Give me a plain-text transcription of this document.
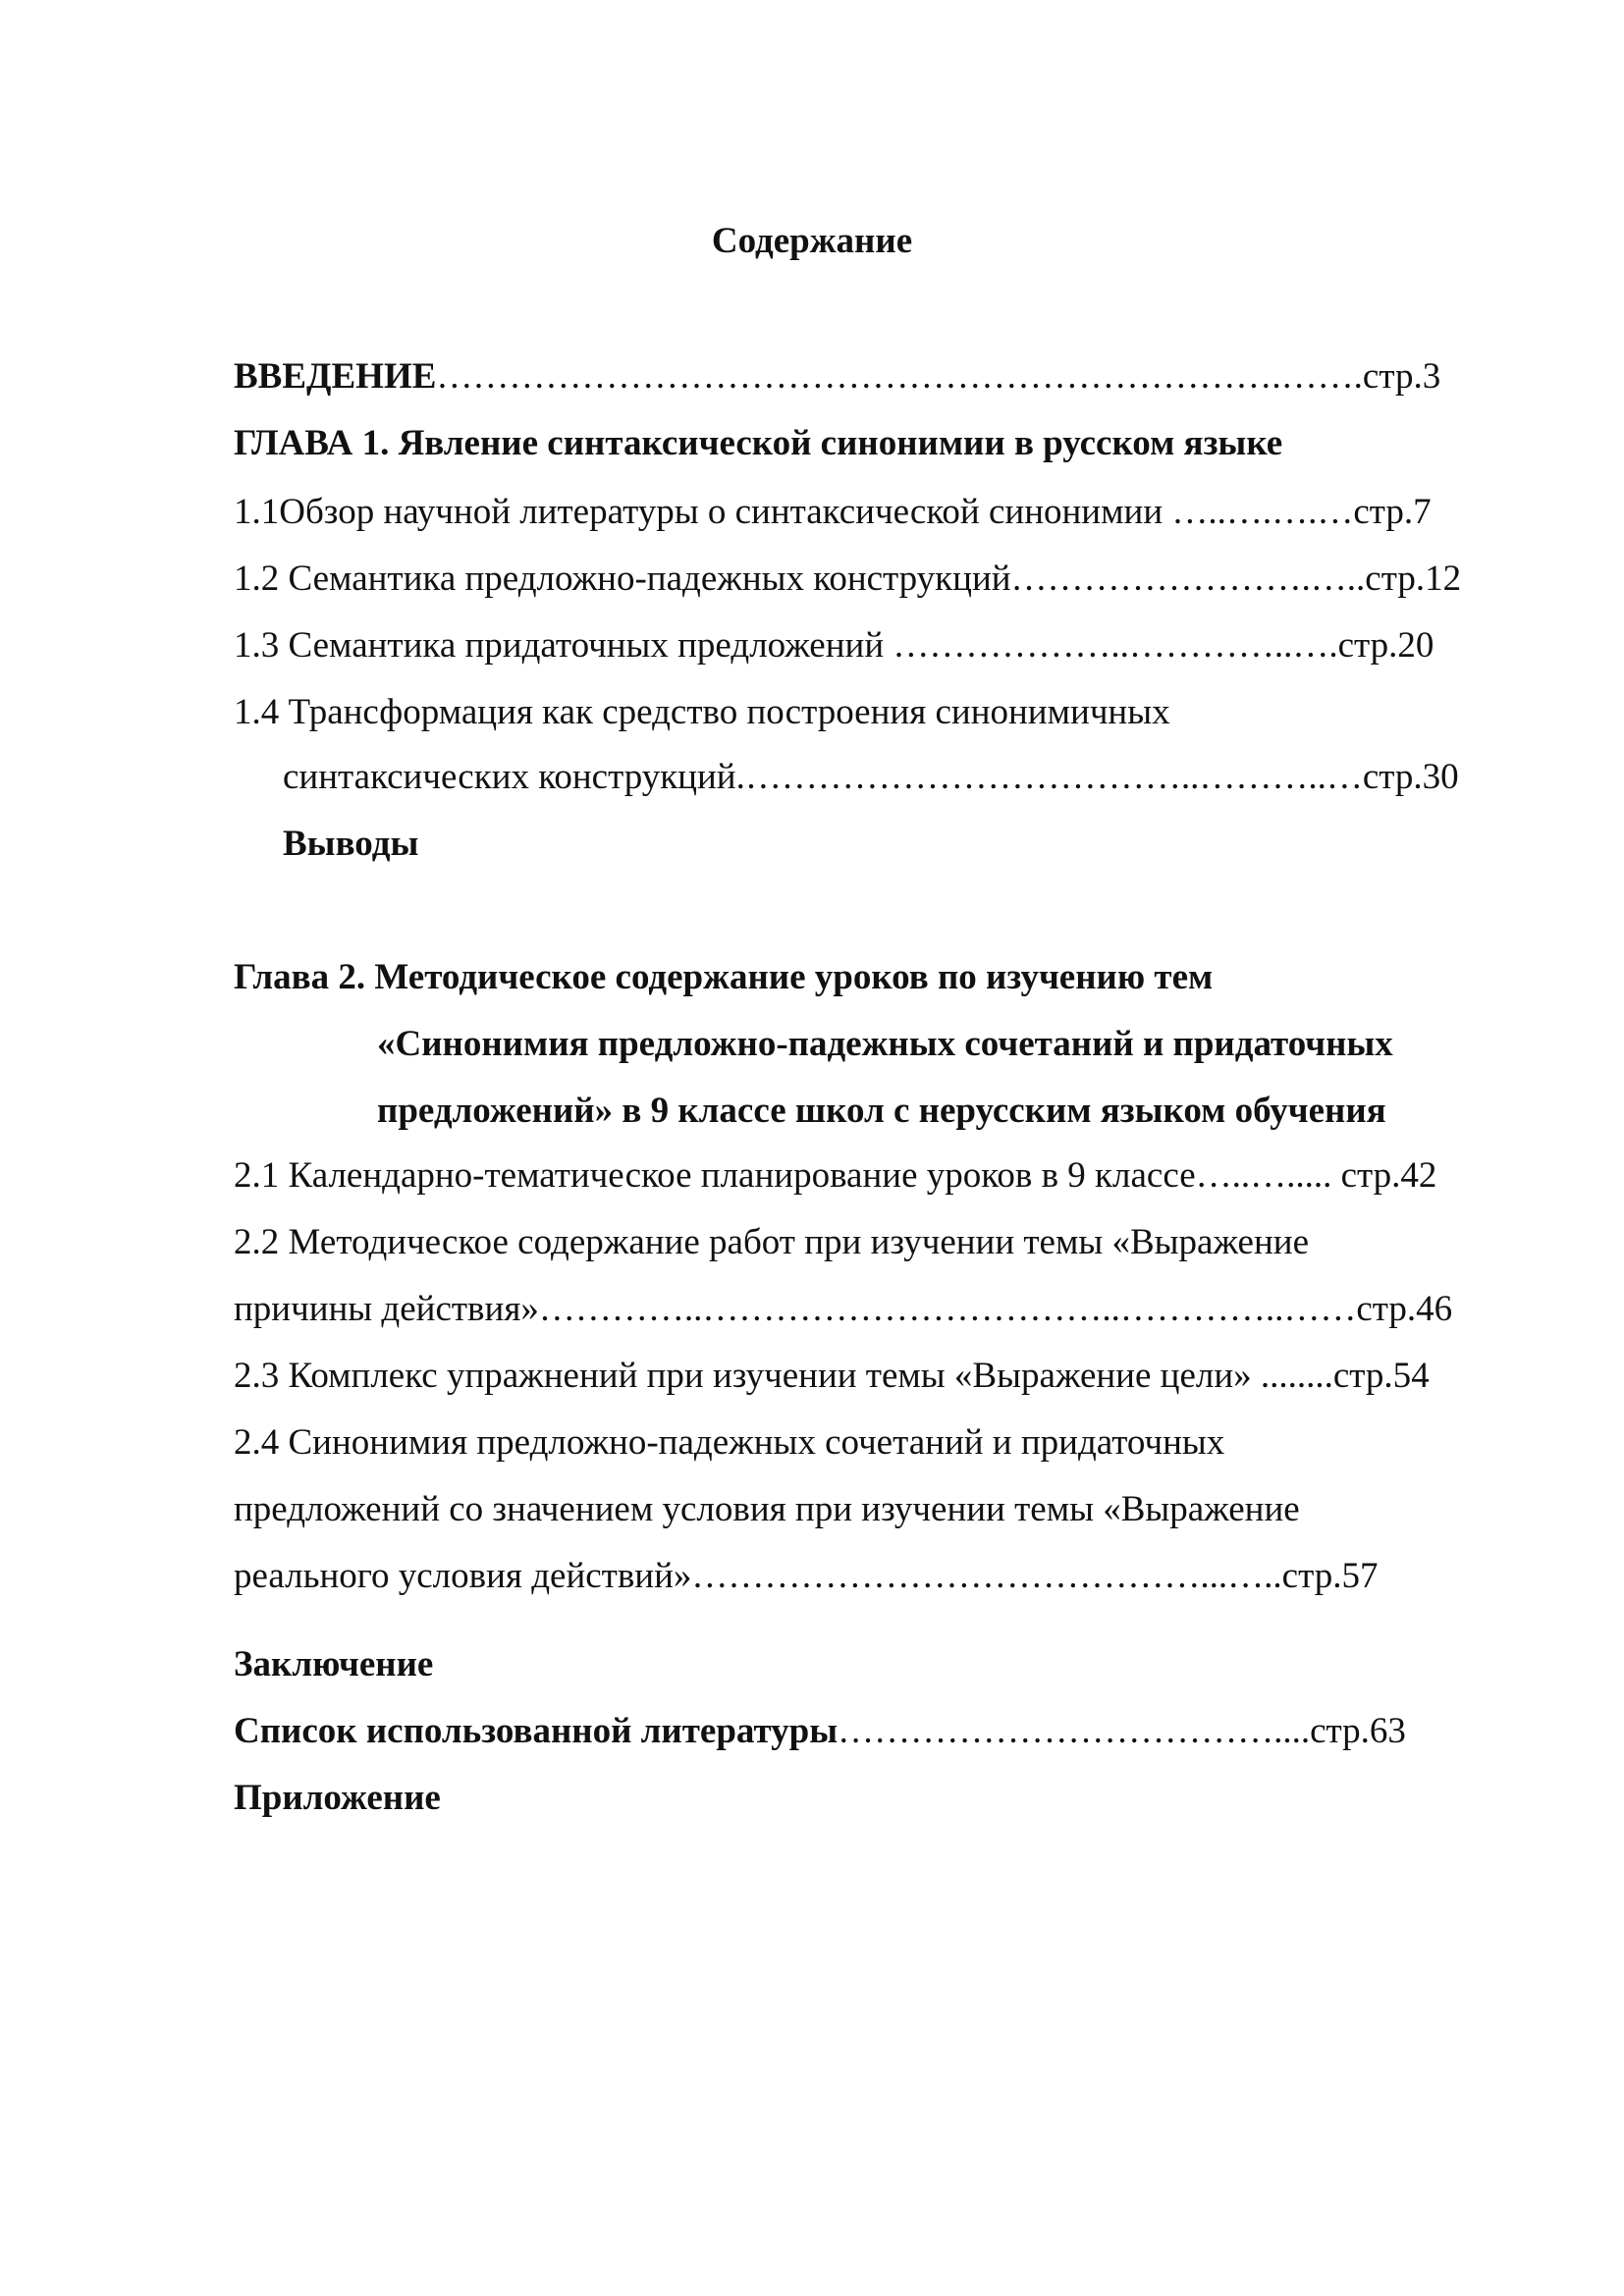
Содержание
ВВЕДЕНИЕ…………………………………………………………….…….стр.3
ГЛАВА 1. Явление синтаксической синонимии в русском языке
1.1Обзор научной литературы о синтаксической синонимии …..….….…стр.7
1.2 Семантика предложно-падежных конструкций…………………….…..стр.12
1.3 Семантика придаточных предложений ………………..…………..….стр.20
1.4 Трансформация как средство построения синонимичных
синтаксических конструкций.………………………………..………..…стр.30
Выводы
Глава 2. Методическое содержание уроков по изучению тем
«Синонимия предложно-падежных сочетаний и придаточных
предложений» в 9 классе школ с нерусским языком обучения
2.1 Календарно-тематическое планирование уроков в 9 классе…..…..... стр.42
2.2 Методическое содержание работ при изучении темы «Выражение
причины действия»…………..……………………………..…………..……стр.46
2.3 Комплекс упражнений при изучении темы «Выражение цели» ........стр.54
2.4 Синонимия предложно-падежных сочетаний и придаточных
предложений со значением условия при изучении темы «Выражение
реального условия действий»……………………………………...…..стр.57
Заключение
Список использованной литературы………………………………....стр.63
Приложение
